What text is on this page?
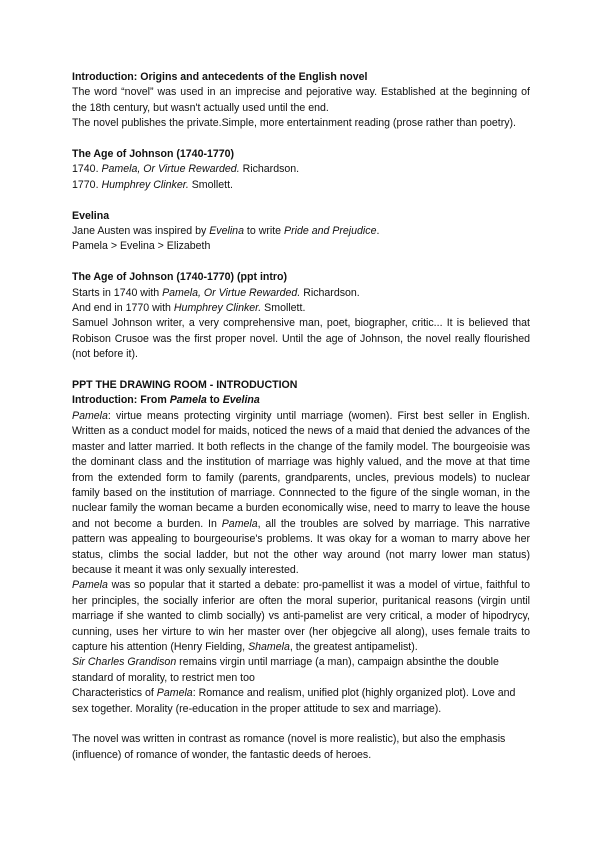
Introduction: Origins and antecedents of the English novel

The word “novel” was used in an imprecise and pejorative way. Established at the beginning of the 18th century, but wasn't actually used until the end.

The novel publishes the private.Simple, more entertainment reading (prose rather than poetry).

The Age of Johnson (1740-1770)

1740. Pamela, Or Virtue Rewarded. Richardson.

1770. Humphrey Clinker. Smollett.

Evelina

Jane Austen was inspired by Evelina to write Pride and Prejudice.

Pamela > Evelina > Elizabeth

The Age of Johnson (1740-1770) (ppt intro)

Starts in 1740 with Pamela, Or Virtue Rewarded. Richardson.

And end in 1770 with Humphrey Clinker. Smollett.

Samuel Johnson writer, a very comprehensive man, poet, biographer, critic... It is believed that Robison Crusoe was the first proper novel. Until the age of Johnson, the novel really flourished (not before it).

PPT THE DRAWING ROOM - INTRODUCTION

Introduction: From Pamela to Evelina

Pamela: virtue means protecting virginity until marriage (women). First best seller in English. Written as a conduct model for maids, noticed the news of a maid that denied the advances of the master and latter married. It both reflects in the change of the family model. The bourgeoisie was the dominant class and the institution of marriage was highly valued, and the move at that time from the extended form to family (parents, grandparents, uncles, previous models) to nuclear family based on the institution of marriage. Connnected to the figure of the single woman, in the nuclear family the woman became a burden economically wise, need to marry to leave the house and not become a burden. In Pamela, all the troubles are solved by marriage. This narrative pattern was appealing to bourgeourise's problems. It was okay for a woman to marry above her status, climbs the social ladder, but not the other way around (not marry lower man status) because it meant it was only sexually interested.

Pamela was so popular that it started a debate: pro-pamellist it was a model of virtue, faithful to her principles, the socially inferior are often the moral superior, puritanical reasons (virgin until marriage if she wanted to climb socially) vs anti-pamelist are very critical, a moder of hipodrycy, cunning, uses her virture to win her master over (her objegcive all along), uses female traits to capture his attention (Henry Fielding, Shamela, the greatest antipamelist).

Sir Charles Grandison remains virgin until marriage (a man), campaign absinthe the double standard of morality, to restrict men too

Characteristics of Pamela: Romance and realism, unified plot (highly organized plot). Love and sex together. Morality (re-education in the proper attitude to sex and marriage).

The novel was written in contrast as romance (novel is more realistic), but also the emphasis (influence) of romance of wonder, the fantastic deeds of heroes.
